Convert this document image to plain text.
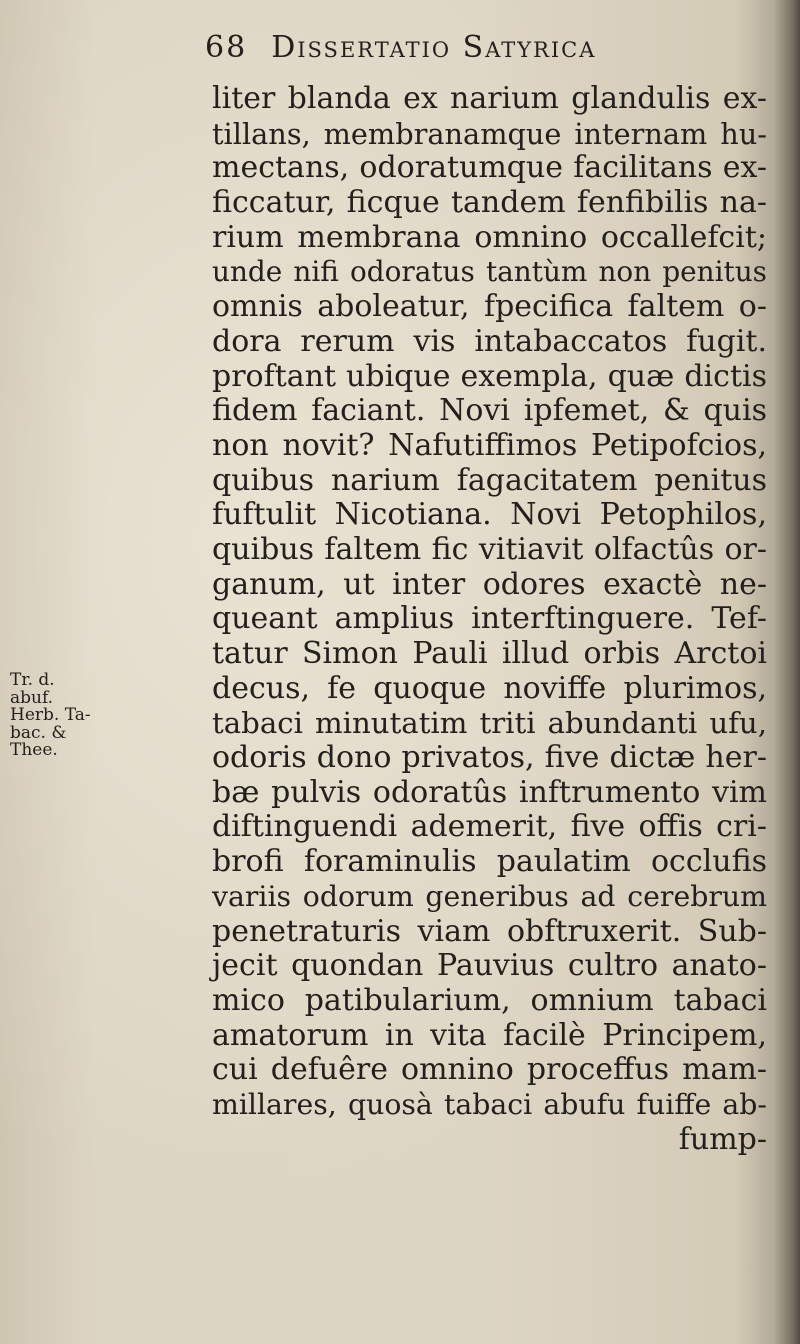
68 Dissertatio Satyrica
Tr. d.
abuf.
Herb. Ta-
bac. &
Thee.
liter blanda ex narium glandulis ex-
tillans, membranamque internam hu-
mectans, odoratumque facilitans ex-
ficcatur, ficque tandem fenfibilis na-
rium membrana omnino occallefcit;
unde nifi odoratus tantùm non penitus
omnis aboleatur, fpecifica faltem o-
dora rerum vis intabaccatos fugit.
proftant ubique exempla, quæ dictis
fidem faciant. Novi ipfemet, & quis
non novit? Nafutiffimos Petipofcios,
quibus narium fagacitatem penitus
fuftulit Nicotiana. Novi Petophilos,
quibus faltem fic vitiavit olfactûs or-
ganum, ut inter odores exactè ne-
queant amplius interftinguere. Tef-
tatur Simon Pauli illud orbis Arctoi
decus, fe quoque noviffe plurimos,
tabaci minutatim triti abundanti ufu,
odoris dono privatos, five dictæ her-
bæ pulvis odoratûs inftrumento vim
diftinguendi ademerit, five offis cri-
brofi foraminulis paulatim occlufis
variis odorum generibus ad cerebrum
penetraturis viam obftruxerit. Sub-
jecit quondan Pauvius cultro anato-
mico patibularium, omnium tabaci
amatorum in vita facilè Principem,
cui defuêre omnino proceffus mam-
millares, quosà tabaci abufu fuiffe ab-
fump-
